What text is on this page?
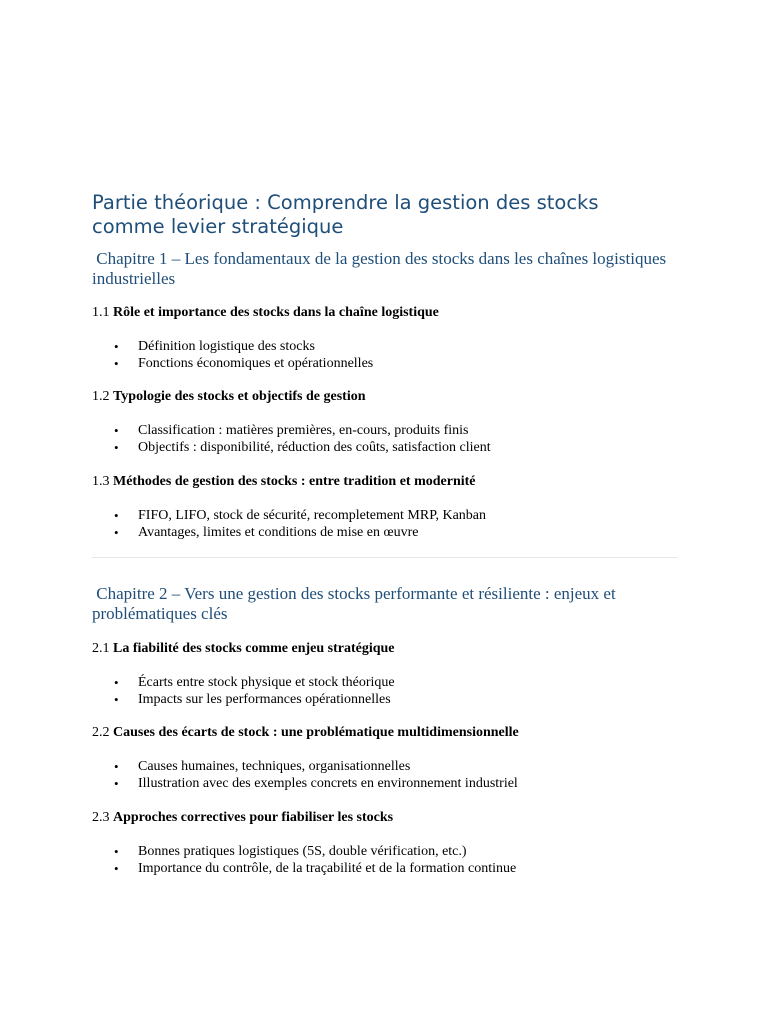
Partie théorique : Comprendre la gestion des stocks comme levier stratégique
Chapitre 1 – Les fondamentaux de la gestion des stocks dans les chaînes logistiques industrielles

1.1 Rôle et importance des stocks dans la chaîne logistique

• Définition logistique des stocks
• Fonctions économiques et opérationnelles

1.2 Typologie des stocks et objectifs de gestion

• Classification : matières premières, en-cours, produits finis
• Objectifs : disponibilité, réduction des coûts, satisfaction client

1.3 Méthodes de gestion des stocks : entre tradition et modernité

• FIFO, LIFO, stock de sécurité, recompletement MRP, Kanban
• Avantages, limites et conditions de mise en œuvre
Chapitre 2 – Vers une gestion des stocks performante et résiliente : enjeux et problématiques clés

2.1 La fiabilité des stocks comme enjeu stratégique

• Écarts entre stock physique et stock théorique
• Impacts sur les performances opérationnelles

2.2 Causes des écarts de stock : une problématique multidimensionnelle

• Causes humaines, techniques, organisationnelles
• Illustration avec des exemples concrets en environnement industriel

2.3 Approches correctives pour fiabiliser les stocks

• Bonnes pratiques logistiques (5S, double vérification, etc.)
• Importance du contrôle, de la traçabilité et de la formation continue
